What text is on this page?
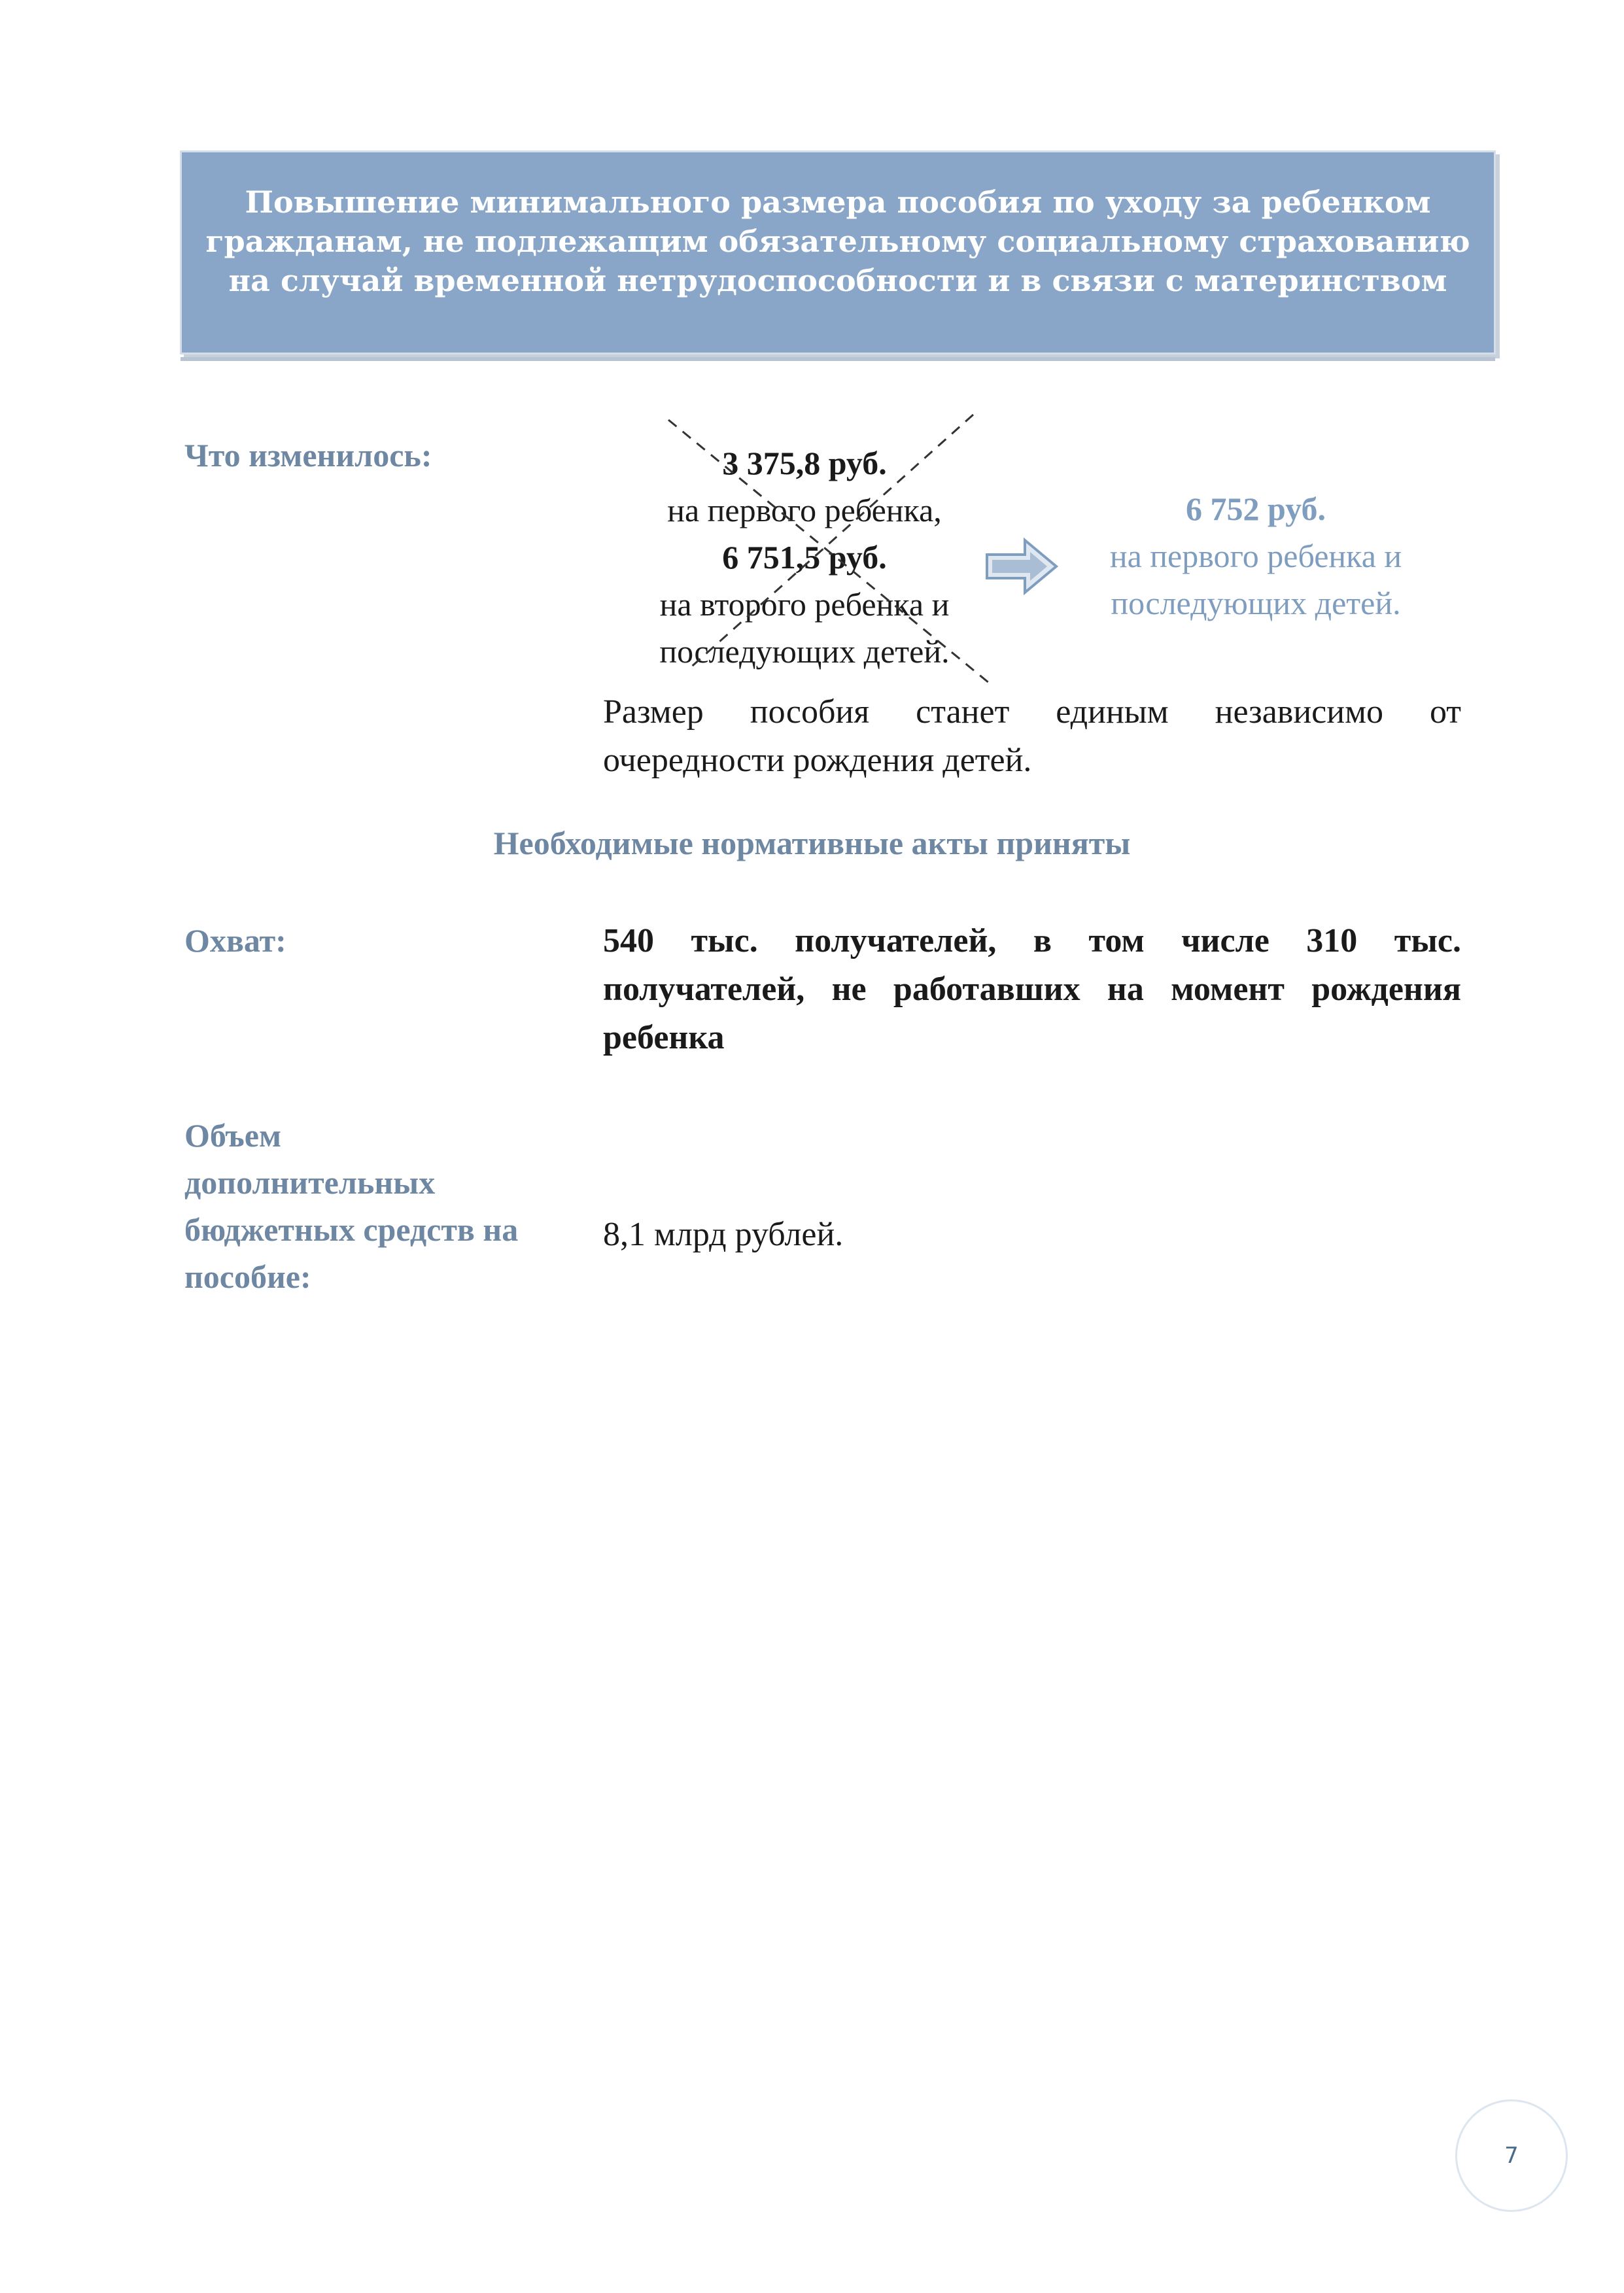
Повышение минимального размера пособия по уходу за ребенком
гражданам, не подлежащим обязательному социальному страхованию
на случай временной нетрудоспособности и в связи с материнством
Что изменилось:	3 375,8 руб.
на первого ребенка,
6 751,5 руб.
на второго ребенка и
последующих детей.
6 752 руб.
на первого ребенка и
последующих детей.
Размер пособия станет единым независимо от очередности рождения детей.
Необходимые нормативные акты приняты
Охват:	540 тыс. получателей, в том числе 310 тыс. получателей, не работавших на момент рождения ребенка
Объем
дополнительных
бюджетных средств на
пособие:
8,1 млрд рублей.
7
